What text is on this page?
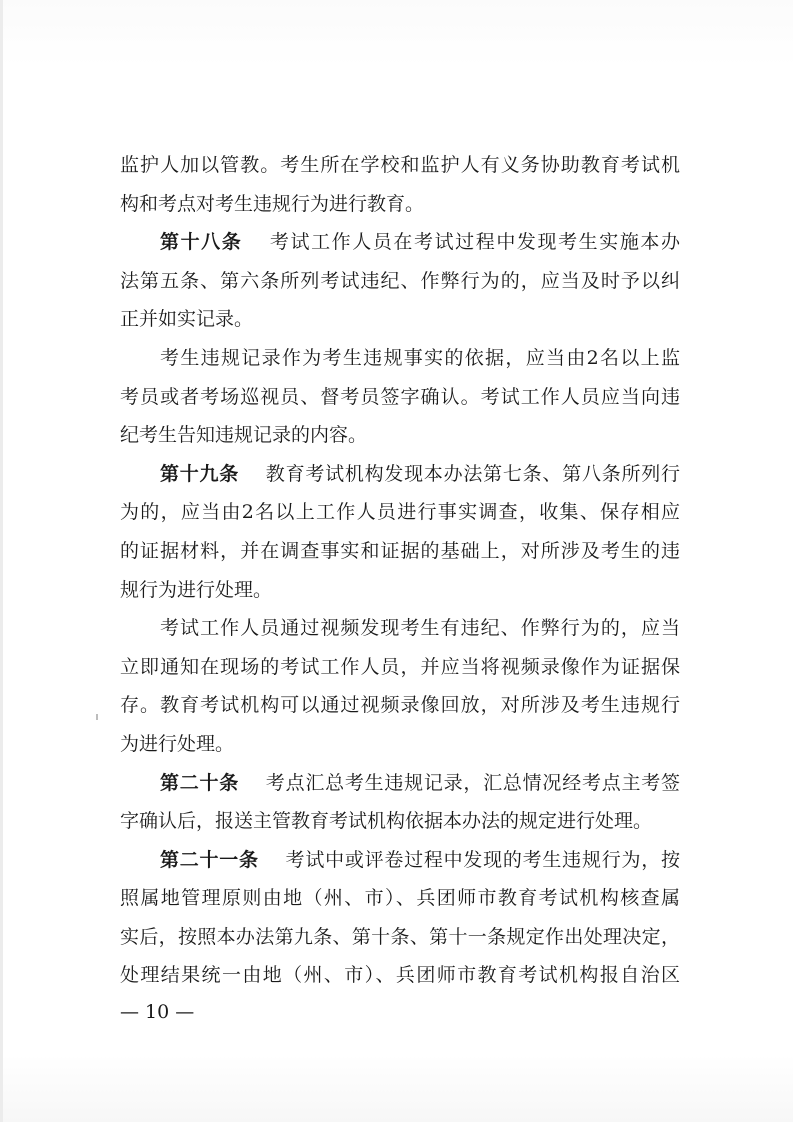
监护人加以管教。考生所在学校和监护人有义务协助教育考试机
构和考点对考生违规行为进行教育。
第十八条 考试工作人员在考试过程中发现考生实施本办
法第五条、第六条所列考试违纪、作弊行为的，应当及时予以纠
正并如实记录。
考生违规记录作为考生违规事实的依据，应当由2名以上监
考员或者考场巡视员、督考员签字确认。考试工作人员应当向违
纪考生告知违规记录的内容。
第十九条 教育考试机构发现本办法第七条、第八条所列行
为的，应当由2名以上工作人员进行事实调查，收集、保存相应
的证据材料，并在调查事实和证据的基础上，对所涉及考生的违
规行为进行处理。
考试工作人员通过视频发现考生有违纪、作弊行为的，应当
立即通知在现场的考试工作人员，并应当将视频录像作为证据保
存。教育考试机构可以通过视频录像回放，对所涉及考生违规行
为进行处理。
第二十条 考点汇总考生违规记录，汇总情况经考点主考签
字确认后，报送主管教育考试机构依据本办法的规定进行处理。
第二十一条 考试中或评卷过程中发现的考生违规行为，按
照属地管理原则由地（州、市）、兵团师市教育考试机构核查属
实后，按照本办法第九条、第十条、第十一条规定作出处理决定，
处理结果统一由地（州、市）、兵团师市教育考试机构报自治区
— 10 —
